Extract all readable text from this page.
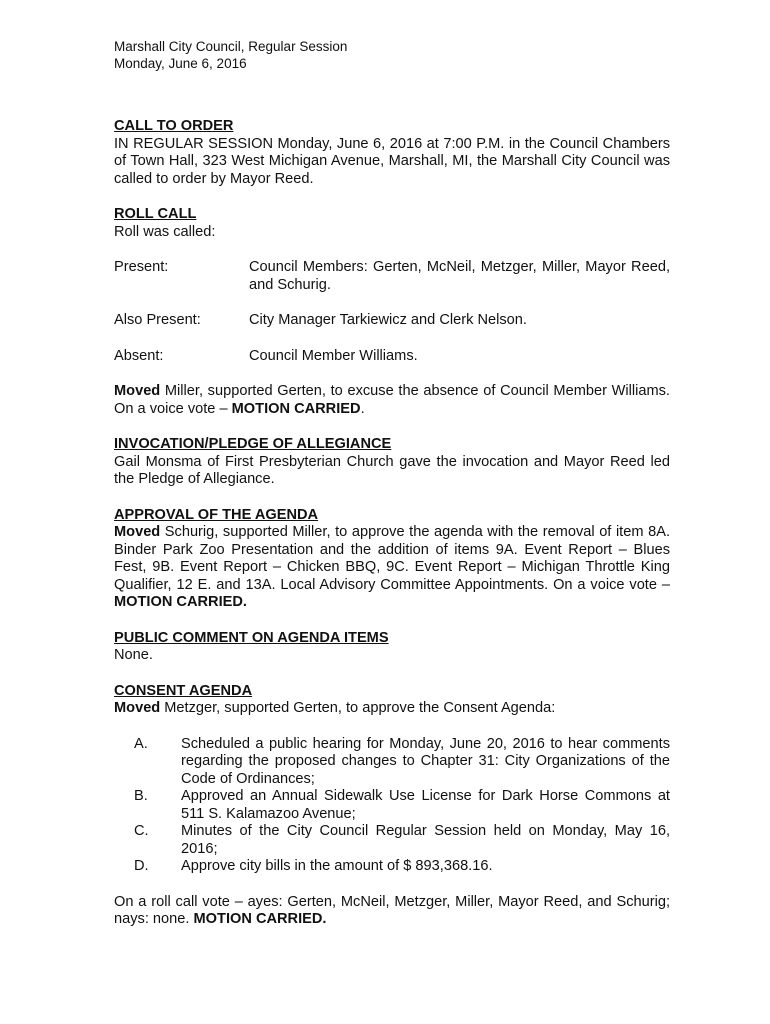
Marshall City Council, Regular Session
Monday, June 6, 2016
CALL TO ORDER

IN REGULAR SESSION Monday, June 6, 2016 at 7:00 P.M. in the Council Chambers of Town Hall, 323 West Michigan Avenue, Marshall, MI, the Marshall City Council was called to order by Mayor Reed.

ROLL CALL

Roll was called:

Present:	Council Members: Gerten, McNeil, Metzger, Miller, Mayor Reed, and Schurig.
Also Present:	City Manager Tarkiewicz and Clerk Nelson.
Absent:	Council Member Williams.

Moved Miller, supported Gerten, to excuse the absence of Council Member Williams. On a voice vote – MOTION CARRIED.

INVOCATION/PLEDGE OF ALLEGIANCE

Gail Monsma of First Presbyterian Church gave the invocation and Mayor Reed led the Pledge of Allegiance.

APPROVAL OF THE AGENDA

Moved Schurig, supported Miller, to approve the agenda with the removal of item 8A. Binder Park Zoo Presentation and the addition of items 9A. Event Report – Blues Fest, 9B. Event Report – Chicken BBQ, 9C. Event Report – Michigan Throttle King Qualifier, 12 E. and 13A. Local Advisory Committee Appointments. On a voice vote – MOTION CARRIED.

PUBLIC COMMENT ON AGENDA ITEMS

None.

CONSENT AGENDA

Moved Metzger, supported Gerten, to approve the Consent Agenda:

A.	Scheduled a public hearing for Monday, June 20, 2016 to hear comments regarding the proposed changes to Chapter 31: City Organizations of the Code of Ordinances;
B.	Approved an Annual Sidewalk Use License for Dark Horse Commons at 511 S. Kalamazoo Avenue;
C.	Minutes of the City Council Regular Session held on Monday, May 16, 2016;
D.	Approve city bills in the amount of $ 893,368.16.

On a roll call vote – ayes: Gerten, McNeil, Metzger, Miller, Mayor Reed, and Schurig; nays: none. MOTION CARRIED.
